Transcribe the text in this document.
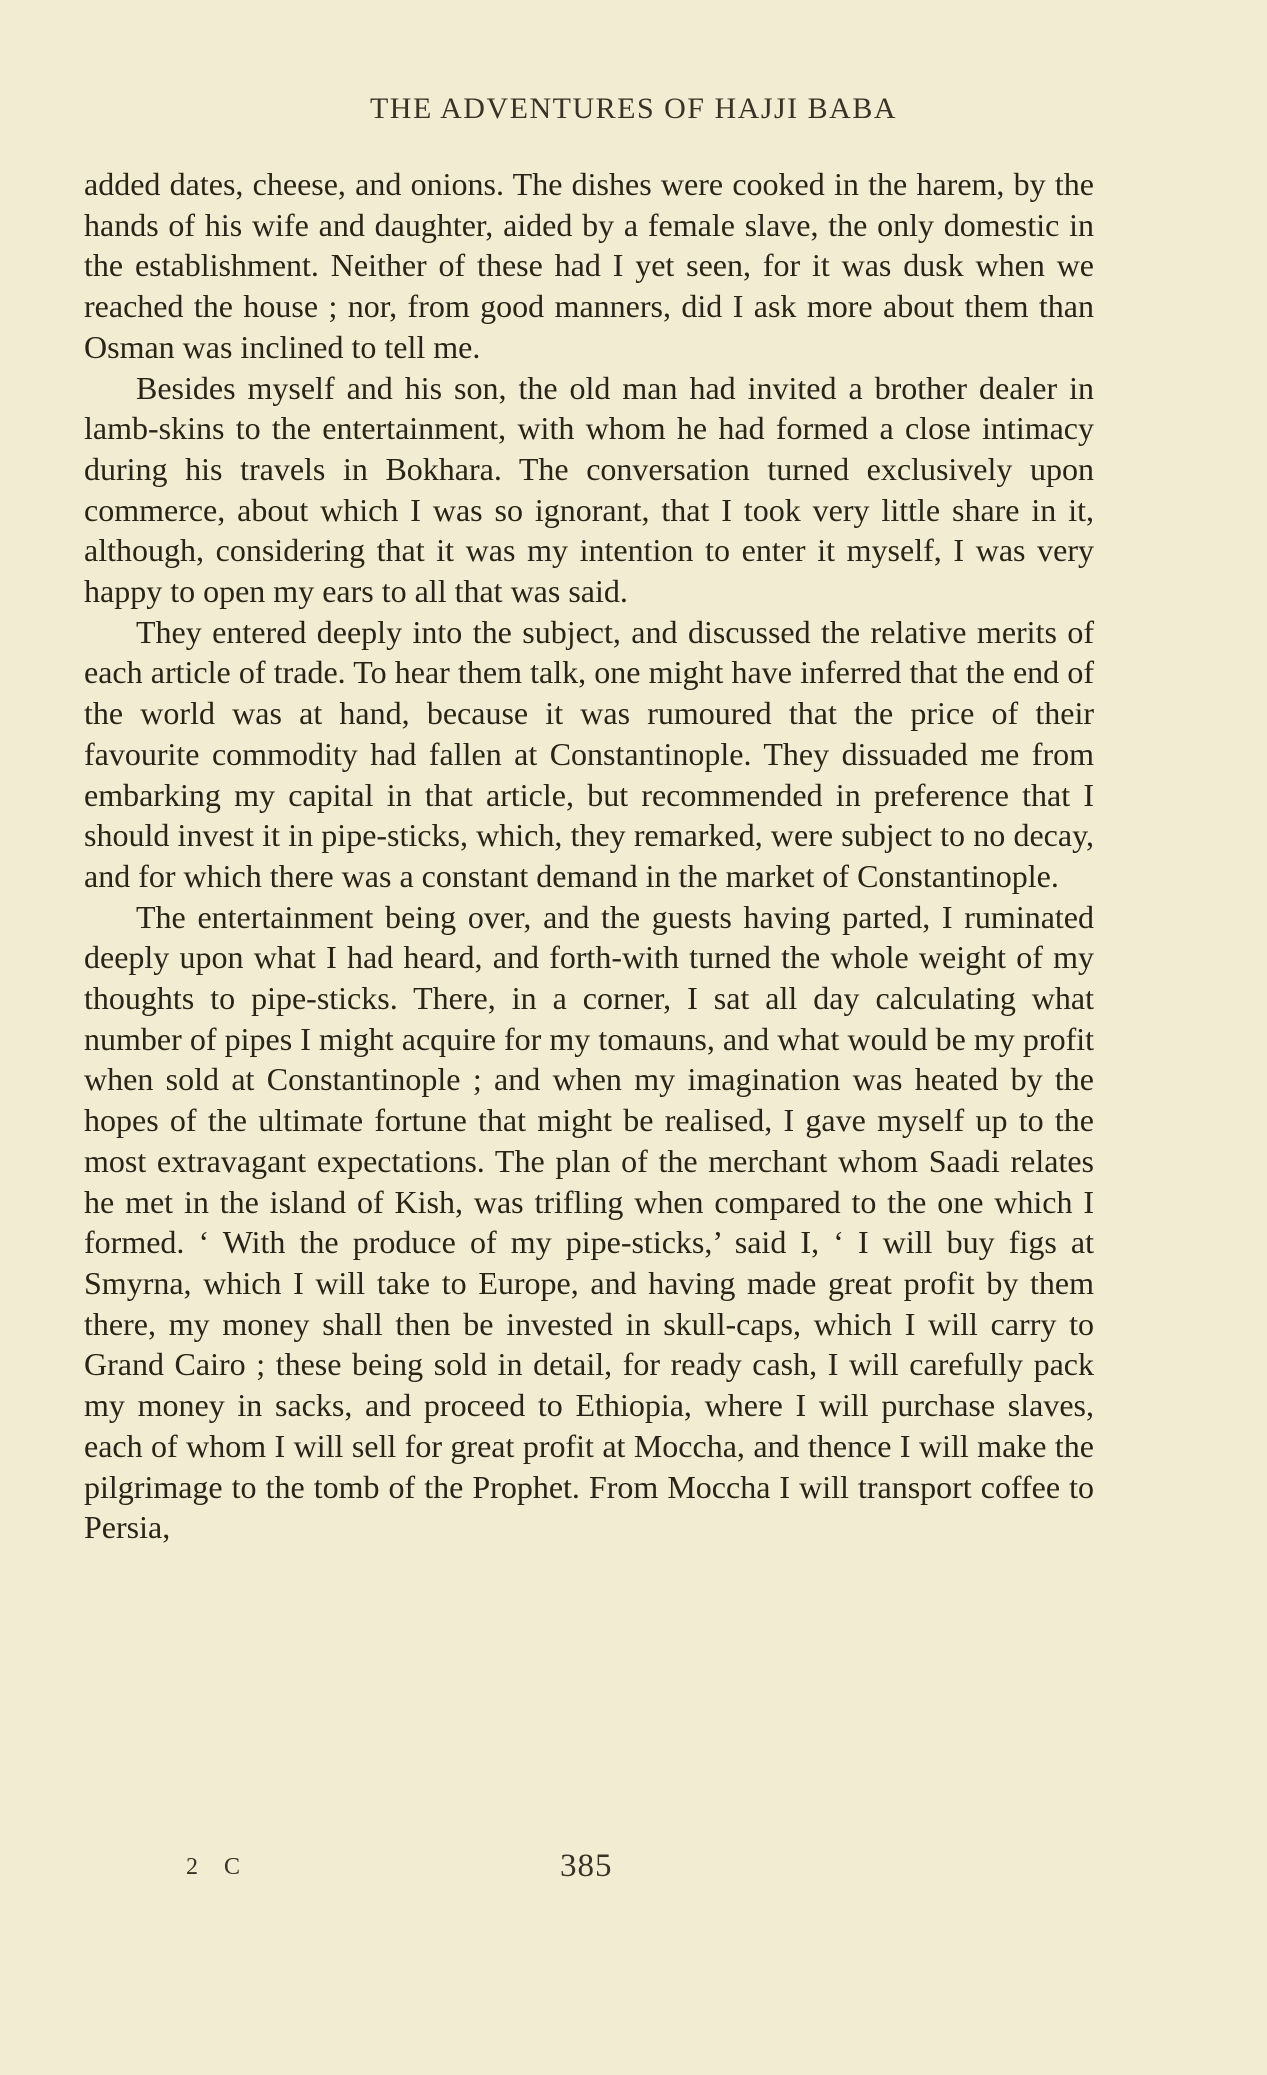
THE ADVENTURES OF HAJJI BABA

added dates, cheese, and onions. The dishes were cooked in the harem, by the hands of his wife and daughter, aided by a female slave, the only domestic in the establishment. Neither of these had I yet seen, for it was dusk when we reached the house ; nor, from good manners, did I ask more about them than Osman was inclined to tell me.

Besides myself and his son, the old man had invited a brother dealer in lamb-skins to the entertainment, with whom he had formed a close intimacy during his travels in Bokhara. The conversation turned exclusively upon commerce, about which I was so ignorant, that I took very little share in it, although, considering that it was my intention to enter it myself, I was very happy to open my ears to all that was said.

They entered deeply into the subject, and discussed the relative merits of each article of trade. To hear them talk, one might have inferred that the end of the world was at hand, because it was rumoured that the price of their favourite commodity had fallen at Constantinople. They dissuaded me from embarking my capital in that article, but recommended in preference that I should invest it in pipe-sticks, which, they remarked, were subject to no decay, and for which there was a constant demand in the market of Constantinople.

The entertainment being over, and the guests having parted, I ruminated deeply upon what I had heard, and forth-with turned the whole weight of my thoughts to pipe-sticks. There, in a corner, I sat all day calculating what number of pipes I might acquire for my tomauns, and what would be my profit when sold at Constantinople ; and when my imagination was heated by the hopes of the ultimate fortune that might be realised, I gave myself up to the most extravagant expectations. The plan of the merchant whom Saadi relates he met in the island of Kish, was trifling when compared to the one which I formed. ‘ With the produce of my pipe-sticks,’ said I, ‘ I will buy figs at Smyrna, which I will take to Europe, and having made great profit by them there, my money shall then be invested in skull-caps, which I will carry to Grand Cairo ; these being sold in detail, for ready cash, I will carefully pack my money in sacks, and proceed to Ethiopia, where I will purchase slaves, each of whom I will sell for great profit at Moccha, and thence I will make the pilgrimage to the tomb of the Prophet. From Moccha I will transport coffee to Persia,

2 C	385
